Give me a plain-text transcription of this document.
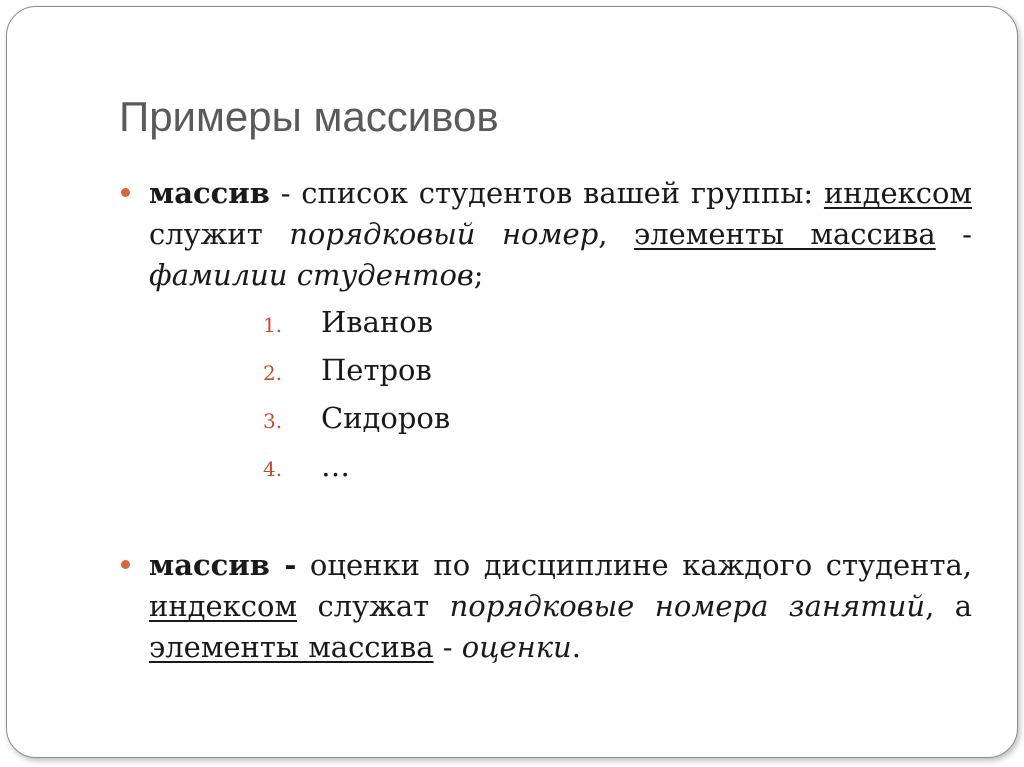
Примеры массивов

массив - список студентов вашей группы: индексом служит порядковый номер, элементы массива - фамилии студентов;

1. Иванов
2. Петров
3. Сидоров
4. …

массив - оценки по дисциплине каждого студента, индексом служат порядковые номера занятий, а элементы массива - оценки.
